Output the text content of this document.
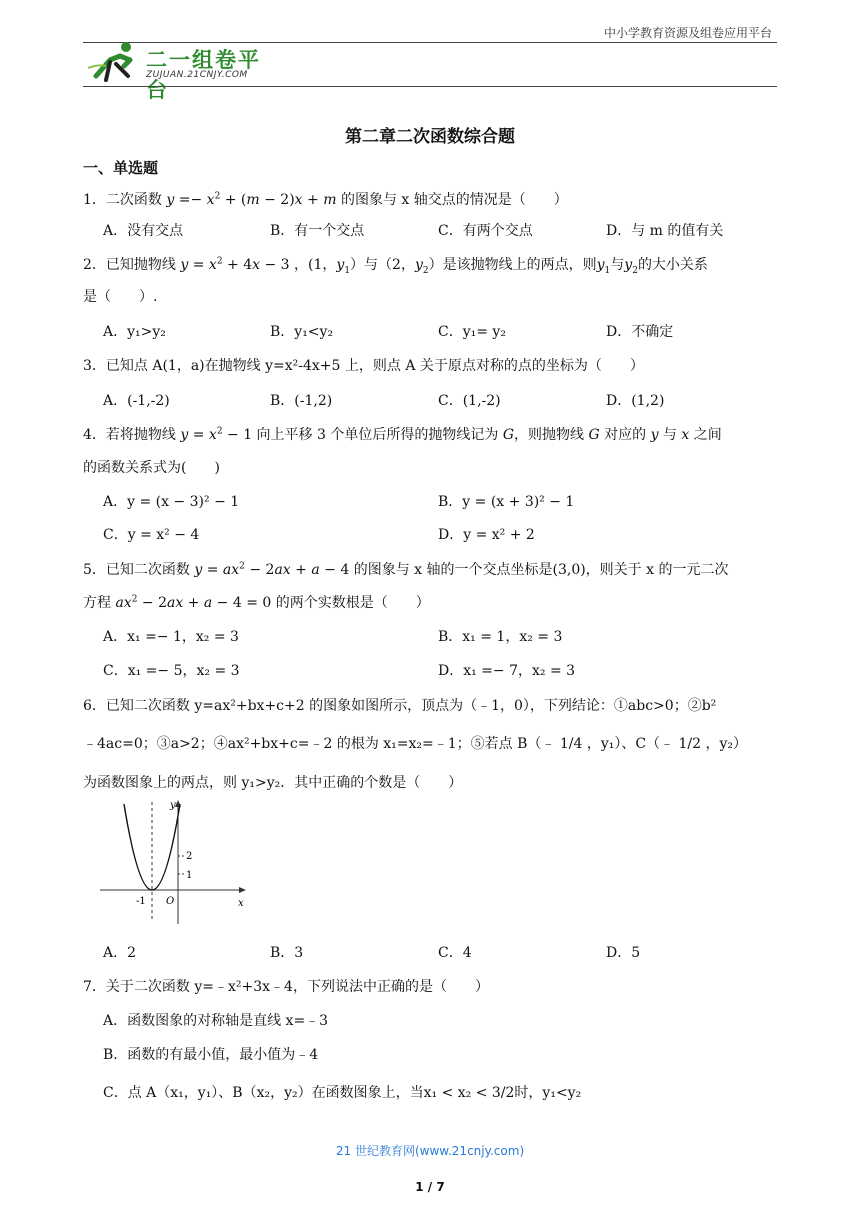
中小学教育资源及组卷应用平台
二一组卷平台
ZUJUAN.21CNJY.COM
第二章二次函数综合题
一、单选题
1．二次函数 $y =- x^2 + (m - 2)x + m$ 的图象与 x 轴交点的情况是（　　）
A．没有交点	B．有一个交点	C．有两个交点	D．与 m 的值有关
2．已知抛物线 $y = x^2 + 4x - 3$ ，(1，$y_1$）与（2，$y_2$）是该抛物线上的两点，则$y_1$与$y_2$的大小关系
是（　　）.
A．y₁>y₂	B．y₁<y₂	C．y₁= y₂	D．不确定
3．已知点 A(1，a)在抛物线 y=x²-4x+5 上，则点 A 关于原点对称的点的坐标为（　　）
A．(-1,-2)	B．(-1,2)	C．(1,-2)	D．(1,2)
4．若将抛物线 $y = x^2 - 1$ 向上平移 3 个单位后所得的抛物线记为 G，则抛物线 G 对应的 y 与 x 之间
的函数关系式为(　　)
A．y = (x − 3)² − 1	B．y = (x + 3)² − 1
C．y = x² − 4	D．y = x² + 2
5．已知二次函数 $y = ax^2 - 2ax + a - 4$ 的图象与 x 轴的一个交点坐标是(3,0)，则关于 x 的一元二次
方程 $ax^2 - 2ax + a - 4 = 0$ 的两个实数根是（　　）
A．x₁ =− 1，x₂ = 3	B．x₁ = 1，x₂ = 3
C．x₁ =− 5，x₂ = 3	D．x₁ =− 7，x₂ = 3
6．已知二次函数 y=ax²+bx+c+2 的图象如图所示，顶点为（﹣1，0），下列结论：①abc>0；②b²
﹣4ac=0；③a>2；④ax²+bx+c=﹣2 的根为 x₁=x₂=﹣1；⑤若点 B（﹣ 1/4 ，y₁）、C（﹣ 1/2 ，y₂）
为函数图象上的两点，则 y₁>y₂．其中正确的个数是（　　）
y
x
O
-1
2
1
A．2	B．3	C．4	D．5
7．关于二次函数 y=﹣x²+3x﹣4，下列说法中正确的是（　　）
A．函数图象的对称轴是直线 x=﹣3
B．函数的有最小值，最小值为﹣4
C．点 A（x₁，y₁）、B（x₂，y₂）在函数图象上，当x₁ < x₂ < 3/2时，y₁<y₂
21 世纪教育网(www.21cnjy.com)
1 / 7
